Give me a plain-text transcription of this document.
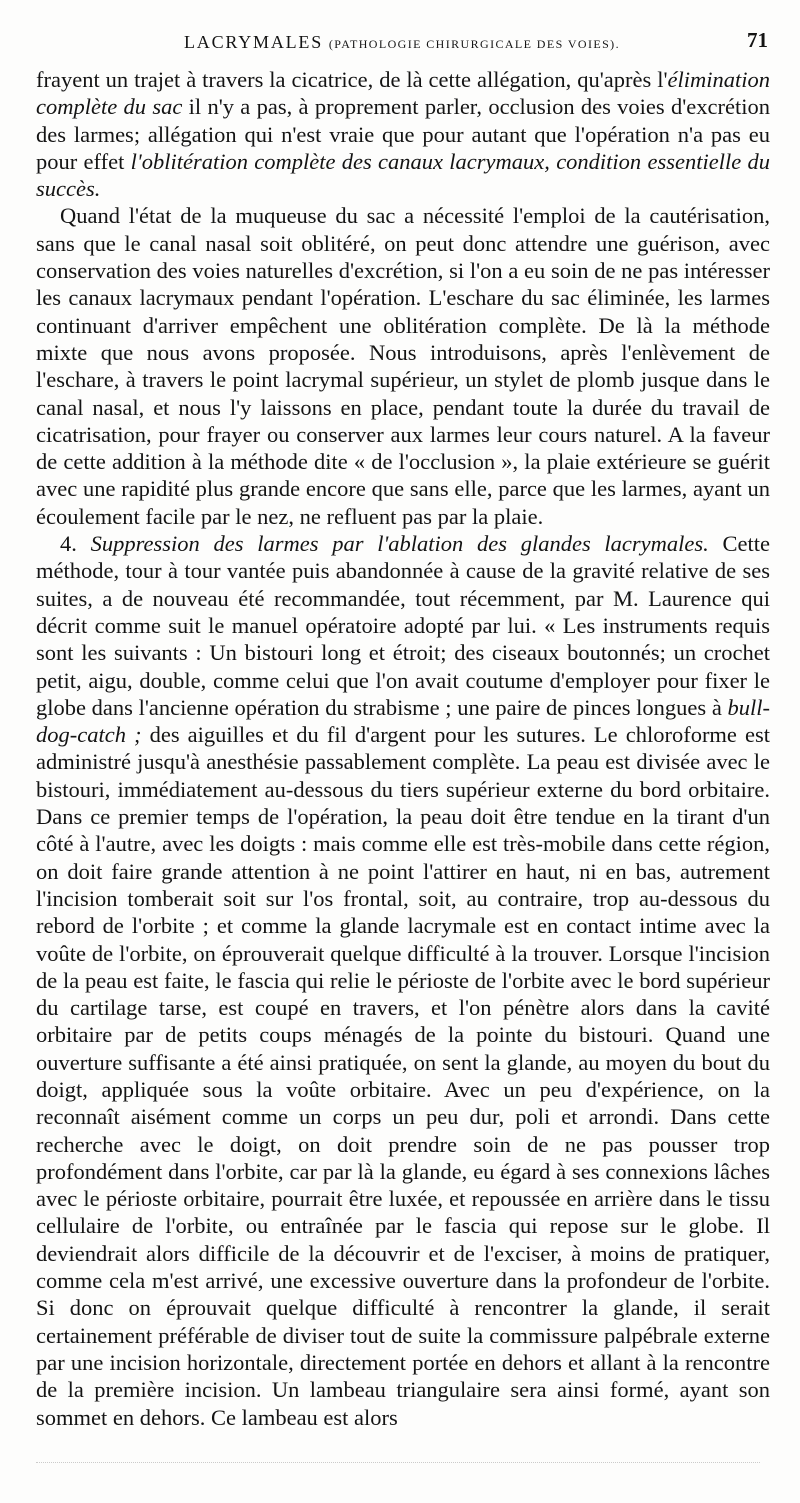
LACRYMALES (PATHOLOGIE CHIRURGICALE DES VOIES).	71

frayent un trajet à travers la cicatrice, de là cette allégation, qu'après l'élimination complète du sac il n'y a pas, à proprement parler, occlusion des voies d'excrétion des larmes; allégation qui n'est vraie que pour autant que l'opération n'a pas eu pour effet l'oblitération complète des canaux lacrymaux, condition essentielle du succès.

Quand l'état de la muqueuse du sac a nécessité l'emploi de la cautérisation, sans que le canal nasal soit oblitéré, on peut donc attendre une guérison, avec conservation des voies naturelles d'excrétion, si l'on a eu soin de ne pas intéresser les canaux lacrymaux pendant l'opération. L'eschare du sac éliminée, les larmes continuant d'arriver empêchent une oblitération complète. De là la méthode mixte que nous avons proposée. Nous introduisons, après l'enlèvement de l'eschare, à travers le point lacrymal supérieur, un stylet de plomb jusque dans le canal nasal, et nous l'y laissons en place, pendant toute la durée du travail de cicatrisation, pour frayer ou conserver aux larmes leur cours naturel. A la faveur de cette addition à la méthode dite « de l'occlusion », la plaie extérieure se guérit avec une rapidité plus grande encore que sans elle, parce que les larmes, ayant un écoulement facile par le nez, ne refluent pas par la plaie.

4. Suppression des larmes par l'ablation des glandes lacrymales. Cette méthode, tour à tour vantée puis abandonnée à cause de la gravité relative de ses suites, a de nouveau été recommandée, tout récemment, par M. Laurence qui décrit comme suit le manuel opératoire adopté par lui. « Les instruments requis sont les suivants : Un bistouri long et étroit; des ciseaux boutonnés; un crochet petit, aigu, double, comme celui que l'on avait coutume d'employer pour fixer le globe dans l'ancienne opération du strabisme ; une paire de pinces longues à bull-dog-catch ; des aiguilles et du fil d'argent pour les sutures. Le chloroforme est administré jusqu'à anesthésie passablement complète. La peau est divisée avec le bistouri, immédiatement au-dessous du tiers supérieur externe du bord orbitaire. Dans ce premier temps de l'opération, la peau doit être tendue en la tirant d'un côté à l'autre, avec les doigts : mais comme elle est très-mobile dans cette région, on doit faire grande attention à ne point l'attirer en haut, ni en bas, autrement l'incision tomberait soit sur l'os frontal, soit, au contraire, trop au-dessous du rebord de l'orbite ; et comme la glande lacrymale est en contact intime avec la voûte de l'orbite, on éprouverait quelque difficulté à la trouver. Lorsque l'incision de la peau est faite, le fascia qui relie le périoste de l'orbite avec le bord supérieur du cartilage tarse, est coupé en travers, et l'on pénètre alors dans la cavité orbitaire par de petits coups ménagés de la pointe du bistouri. Quand une ouverture suffisante a été ainsi pratiquée, on sent la glande, au moyen du bout du doigt, appliquée sous la voûte orbitaire. Avec un peu d'expérience, on la reconnaît aisément comme un corps un peu dur, poli et arrondi. Dans cette recherche avec le doigt, on doit prendre soin de ne pas pousser trop profondément dans l'orbite, car par là la glande, eu égard à ses connexions lâches avec le périoste orbitaire, pourrait être luxée, et repoussée en arrière dans le tissu cellulaire de l'orbite, ou entraînée par le fascia qui repose sur le globe. Il deviendrait alors difficile de la découvrir et de l'exciser, à moins de pratiquer, comme cela m'est arrivé, une excessive ouverture dans la profondeur de l'orbite. Si donc on éprouvait quelque difficulté à rencontrer la glande, il serait certainement préférable de diviser tout de suite la commissure palpébrale externe par une incision horizontale, directement portée en dehors et allant à la rencontre de la première incision. Un lambeau triangulaire sera ainsi formé, ayant son sommet en dehors. Ce lambeau est alors
